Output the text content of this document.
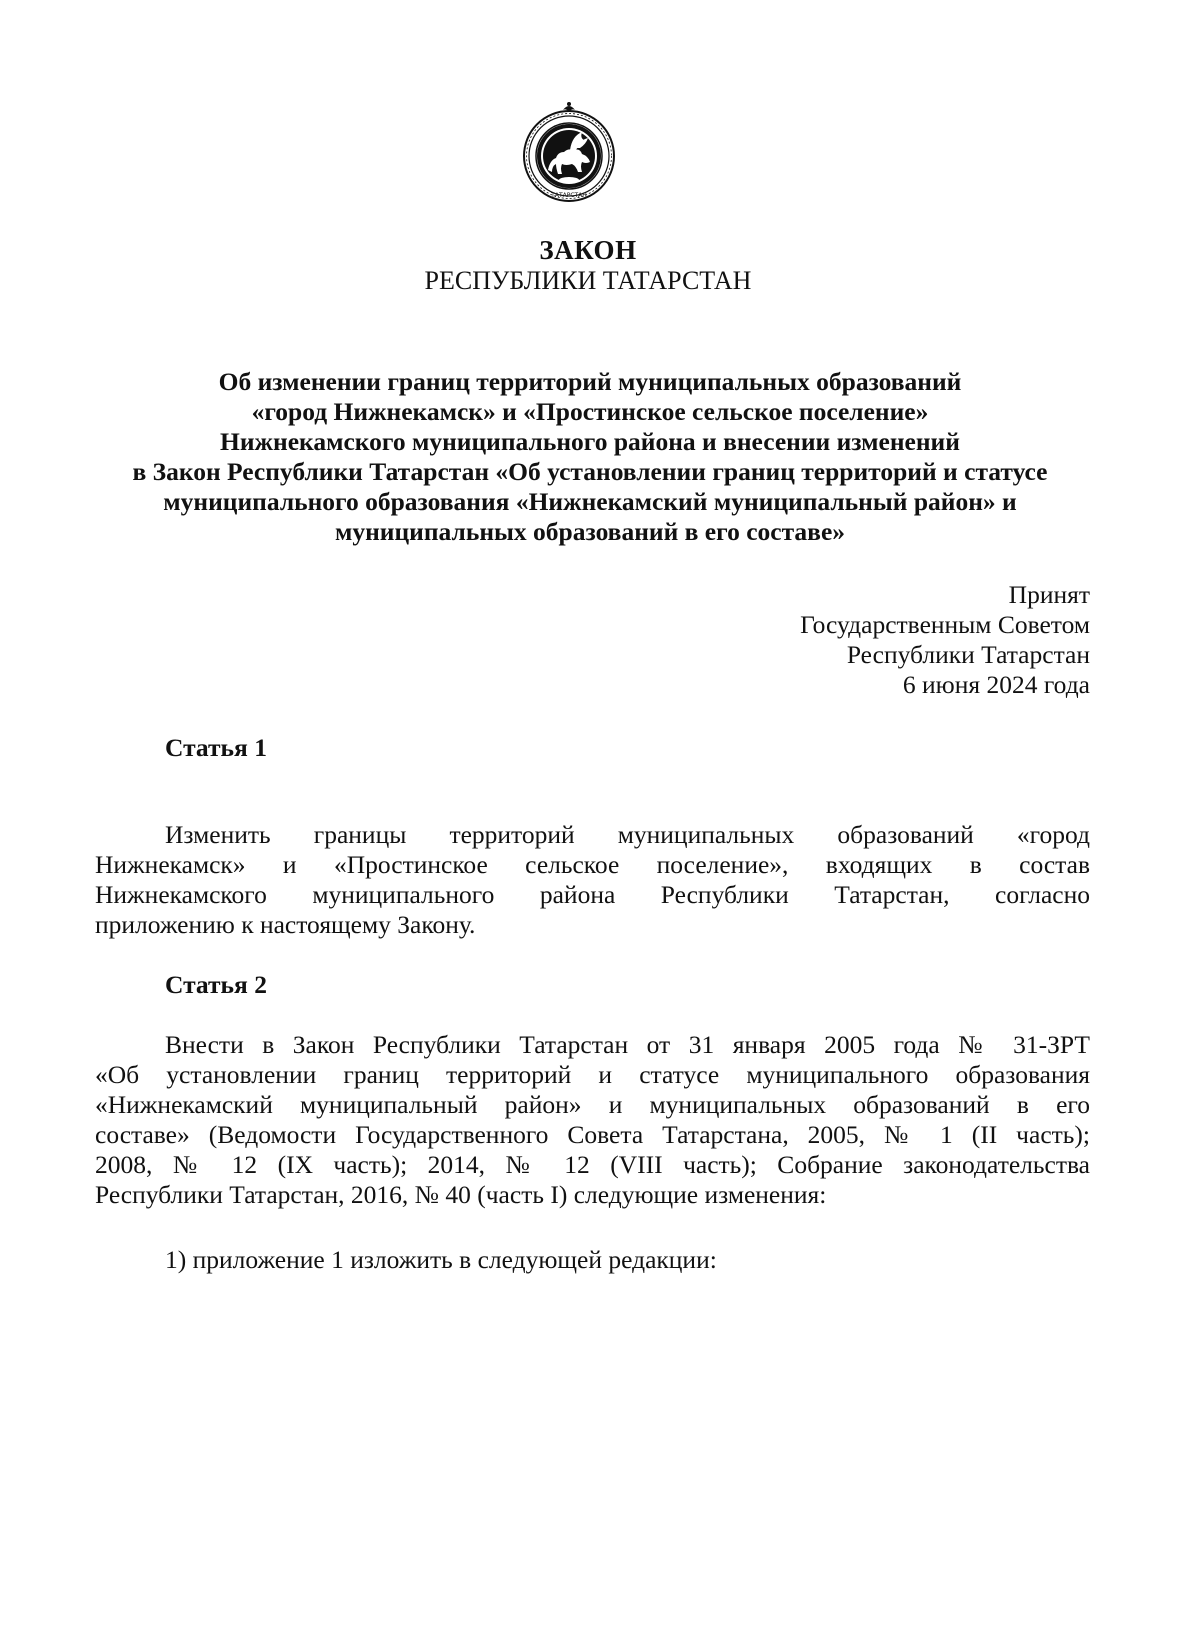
ТАТАРСТАН
ЗАКОН
РЕСПУБЛИКИ ТАТАРСТАН
Об изменении границ территорий муниципальных образований
«город Нижнекамск» и «Простинское сельское поселение»
Нижнекамского муниципального района и внесении изменений
в Закон Республики Татарстан «Об установлении границ территорий и статусе
муниципального образования «Нижнекамский муниципальный район» и
муниципальных образований в его составе»
Принят
Государственным Советом
Республики Татарстан
6 июня 2024 года
Статья 1
Изменить границы территорий муниципальных образований «город
Нижнекамск» и «Простинское сельское поселение», входящих в состав
Нижнекамского муниципального района Республики Татарстан, согласно
приложению к настоящему Закону.
Статья 2
Внести в Закон Республики Татарстан от 31 января 2005 года № 31-ЗРТ
«Об установлении границ территорий и статусе муниципального образования
«Нижнекамский муниципальный район» и муниципальных образований в его
составе» (Ведомости Государственного Совета Татарстана, 2005, № 1 (II часть);
2008, № 12 (IX часть); 2014, № 12 (VIII часть); Собрание законодательства
Республики Татарстан, 2016, № 40 (часть I) следующие изменения:
1) приложение 1 изложить в следующей редакции:
